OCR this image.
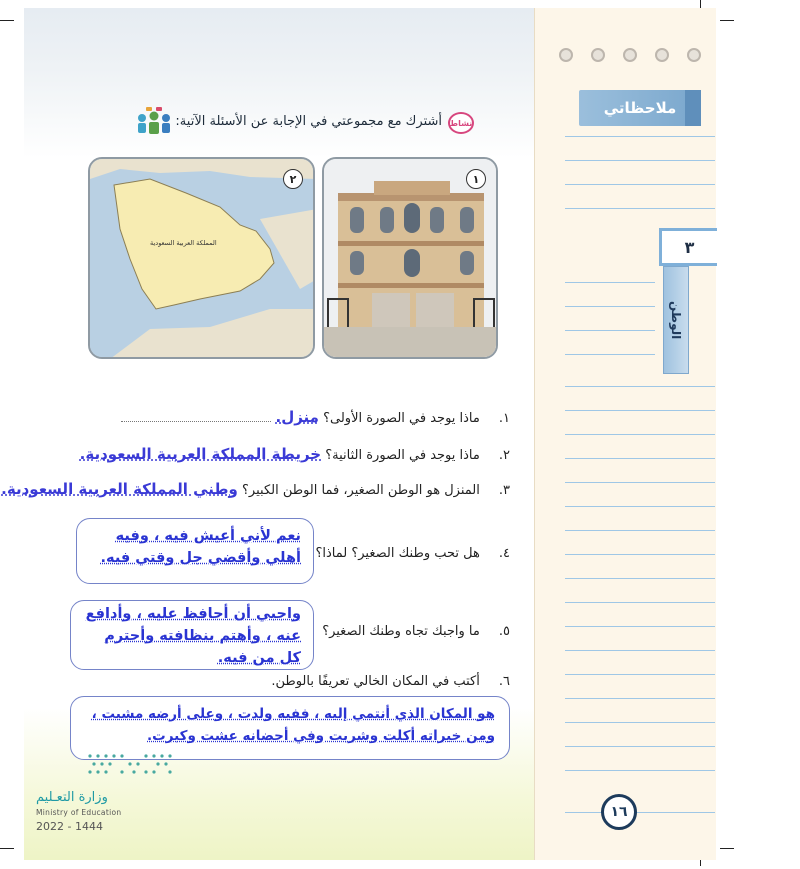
أشترك مع مجموعتي في الإجابة عن الأسئلة الآتية: نشاط
١
٢
المملكة العربية السعودية
١. ماذا يوجد في الصورة الأولى؟ منزل.
٢. ماذا يوجد في الصورة الثانية؟ خريطة المملكة العربية السعودية.
٣. المنزل هو الوطن الصغير، فما الوطن الكبير؟ وطني المملكة العربية السعودية.
٤. هل تحب وطنك الصغير؟ لماذا؟
نعم لأني أعيش فيه ، وفيه
أهلي وأقضي جل وقتي فيه.
٥. ما واجبك تجاه وطنك الصغير؟
واجبي أن أحافظ عليه ، وأدافع
عنه ، وأهتم بنظافته وأحترم
كل من فيه.
٦. أكتب في المكان الخالي تعريفًا بالوطن.
هو المكان الذي أنتمي إليه ، ففيه ولدت ، وعلى أرضه مشيت ،
ومن خيراته أكلت وشربت وفي أحضانه عشت وكبرت.
وزارة التعـليم
Ministry of Education
2022 - 1444
ملاحظاتي
٣
الوطن
١٦
